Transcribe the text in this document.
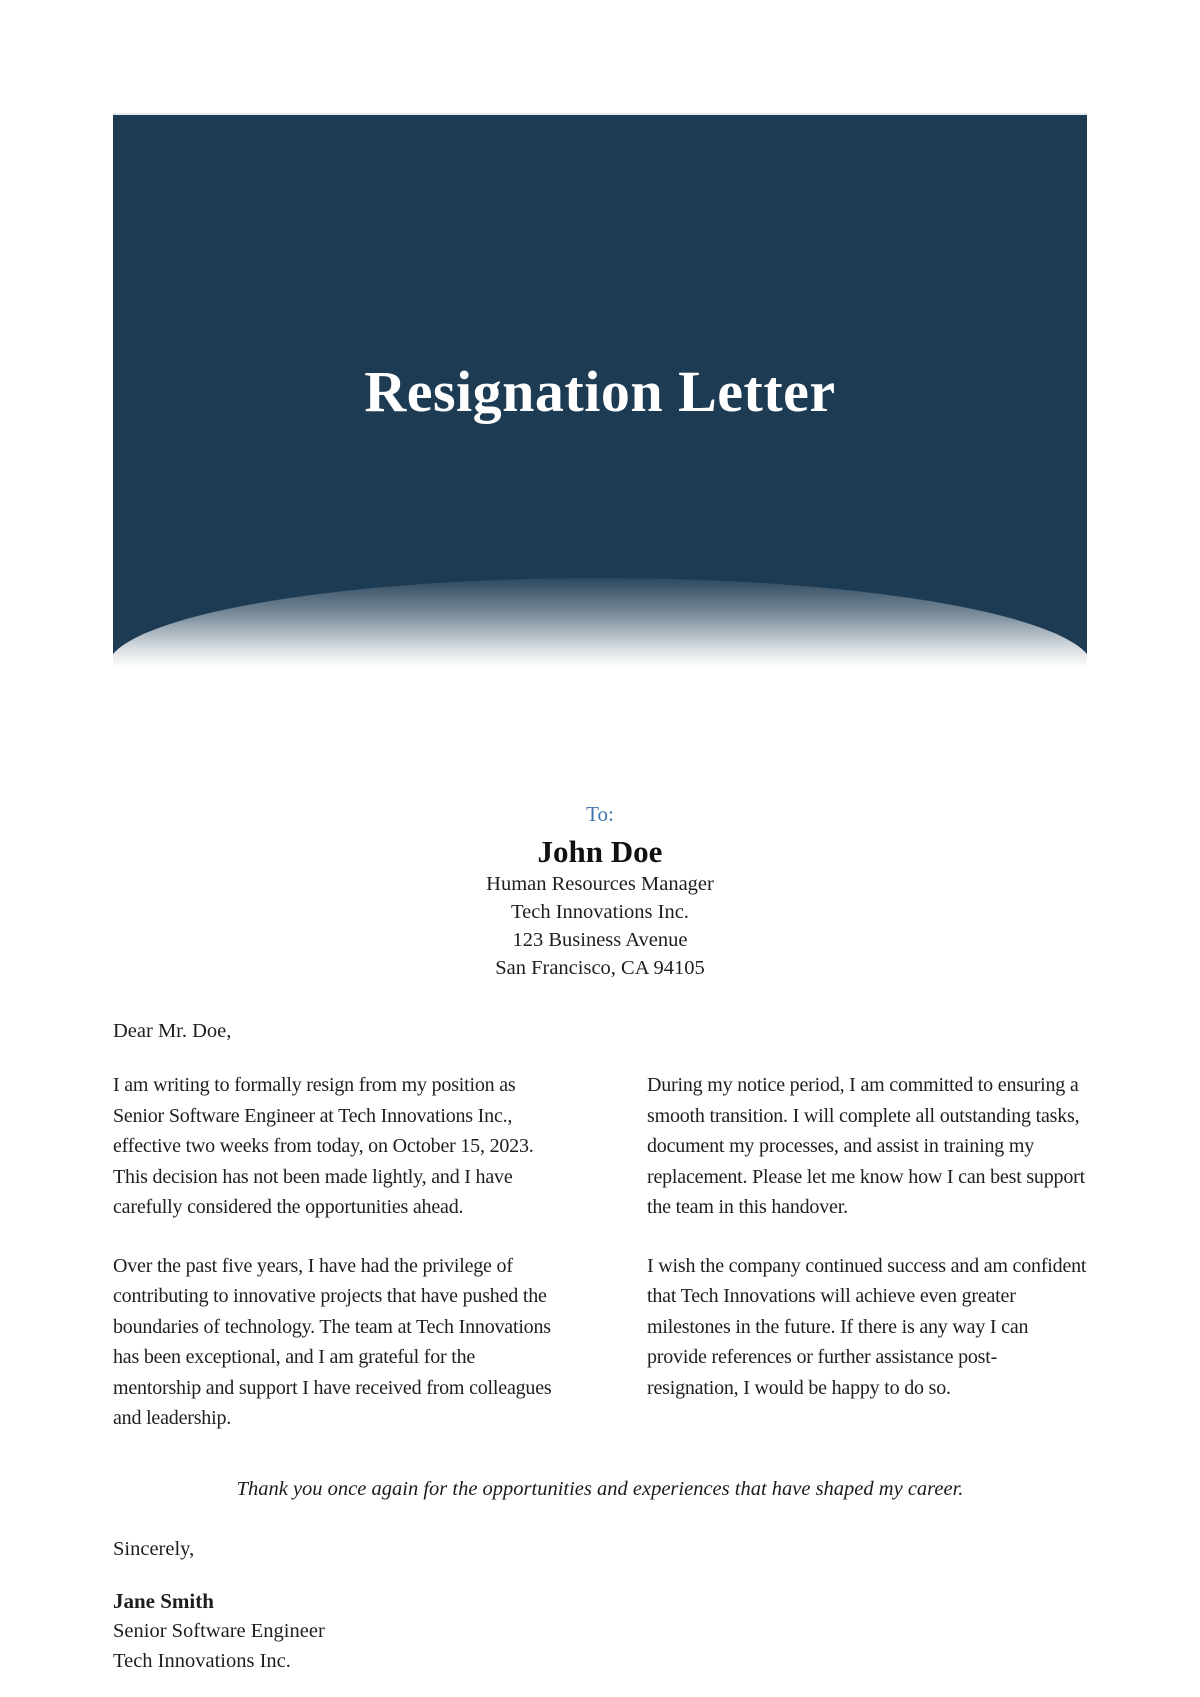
Resignation Letter
To:
John Doe
Human Resources Manager
Tech Innovations Inc.
123 Business Avenue
San Francisco, CA 94105

Dear Mr. Doe,

I am writing to formally resign from my position as Senior Software Engineer at Tech Innovations Inc., effective two weeks from today, on October 15, 2023. This decision has not been made lightly, and I have carefully considered the opportunities ahead.

Over the past five years, I have had the privilege of contributing to innovative projects that have pushed the boundaries of technology. The team at Tech Innovations has been exceptional, and I am grateful for the mentorship and support I have received from colleagues and leadership.

During my notice period, I am committed to ensuring a smooth transition. I will complete all outstanding tasks, document my processes, and assist in training my replacement. Please let me know how I can best support the team in this handover.

I wish the company continued success and am confident that Tech Innovations will achieve even greater milestones in the future. If there is any way I can provide references or further assistance post-resignation, I would be happy to do so.

Thank you once again for the opportunities and experiences that have shaped my career.

Sincerely,

Jane Smith
Senior Software Engineer
Tech Innovations Inc.
